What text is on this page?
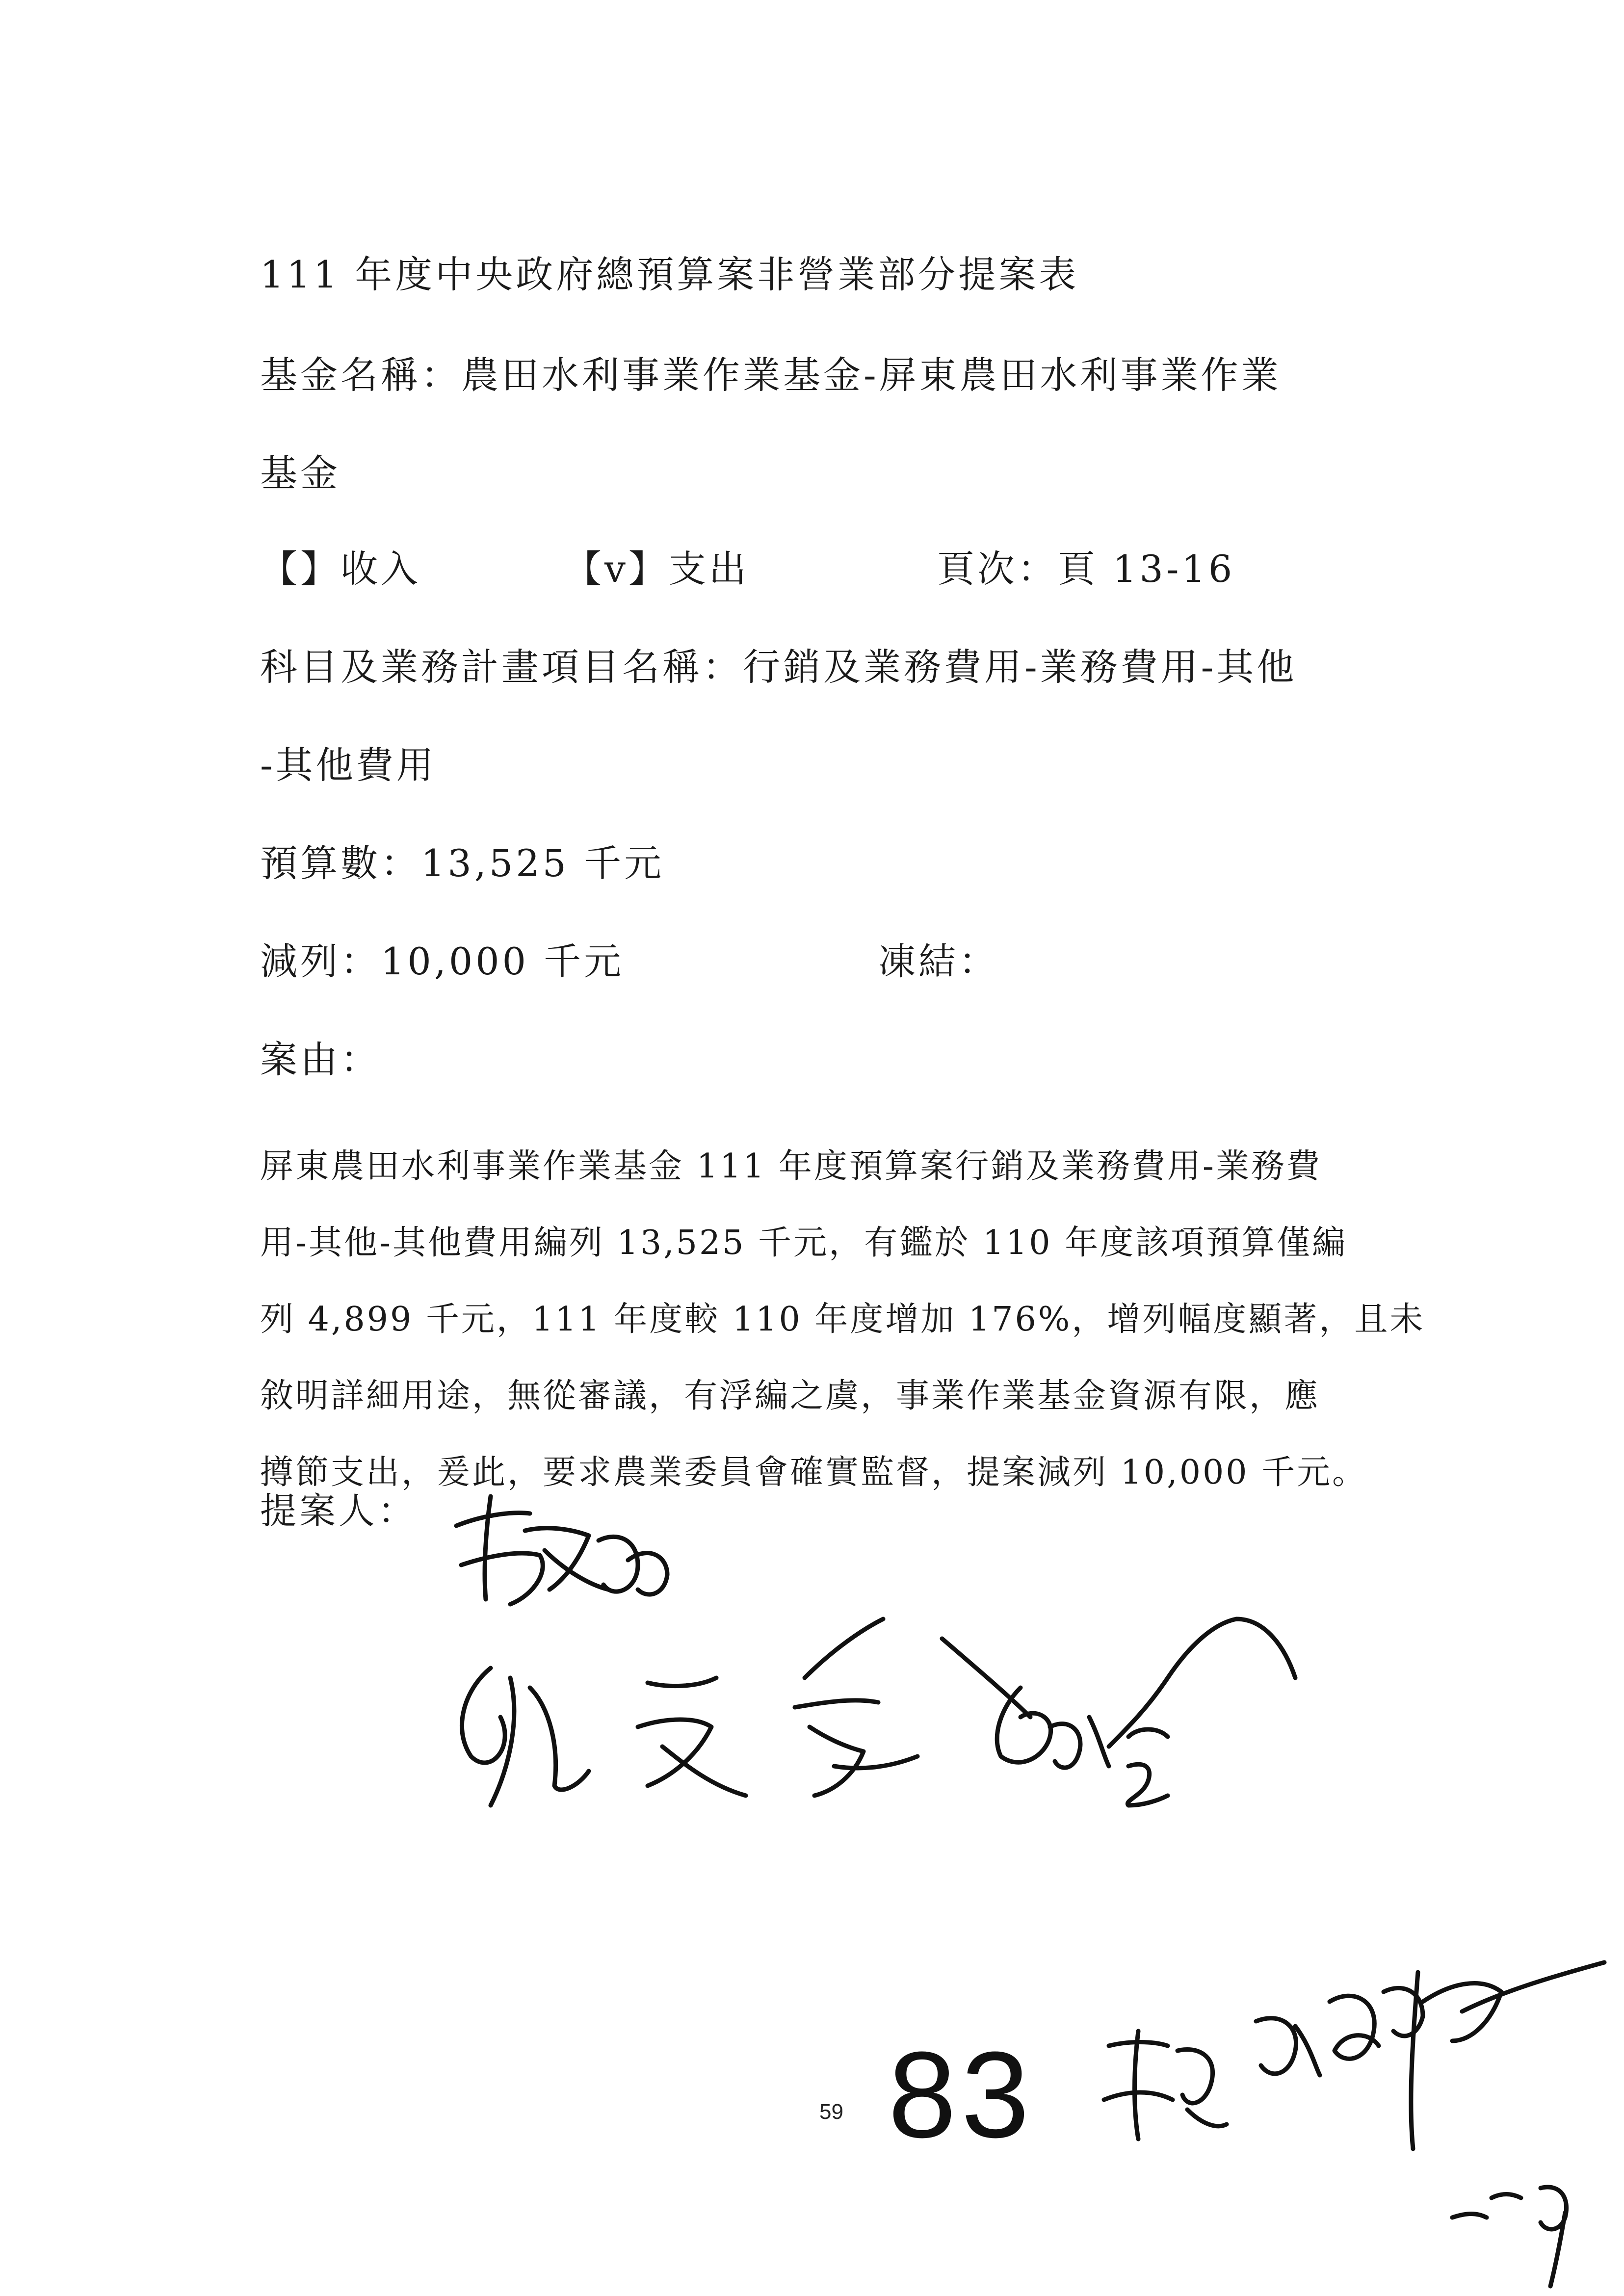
111 年度中央政府總預算案非營業部分提案表
基金名稱：農田水利事業作業基金-屏東農田水利事業作業
基金
【】收入	【v】支出	頁次：頁 13-16
科目及業務計畫項目名稱：行銷及業務費用-業務費用-其他
-其他費用
預算數：13,525 千元
減列：10,000 千元	凍結：
案由：
屏東農田水利事業作業基金 111 年度預算案行銷及業務費用-業務費
用-其他-其他費用編列 13,525 千元，有鑑於 110 年度該項預算僅編
列 4,899 千元，111 年度較 110 年度增加 176%，增列幅度顯著，且未
敘明詳細用途，無從審議，有浮編之虞，事業作業基金資源有限，應
撙節支出，爰此，要求農業委員會確實監督，提案減列 10,000 千元。
提案人：
59 83
